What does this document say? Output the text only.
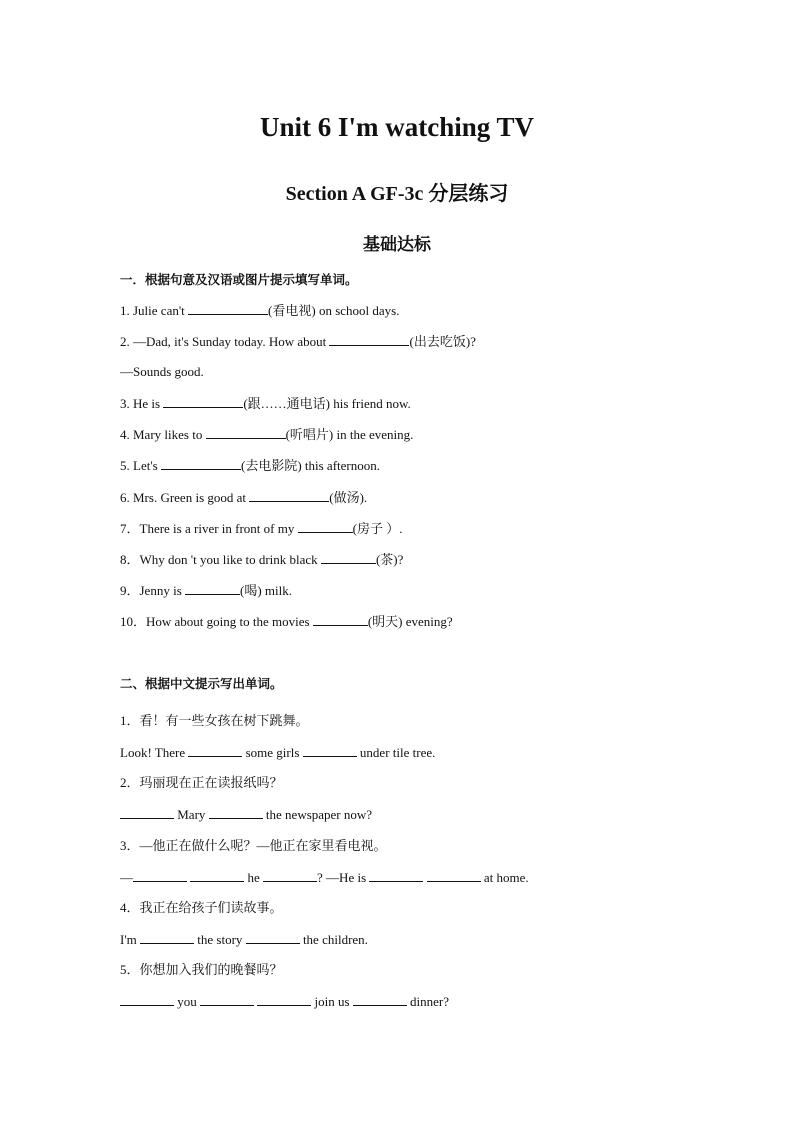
Unit 6 I'm watching TV
Section A GF-3c 分层练习
基础达标
一．根据句意及汉语或图片提示填写单词。
1. Julie can't	(看电视) on school days.
2. —Dad, it's Sunday today. How about	(出去吃饭)?
—Sounds good.
3. He is	(跟……通电话) his friend now.
4. Mary likes to	(听唱片) in the evening.
5. Let's	(去电影院) this afternoon.
6. Mrs. Green is good at	(做汤).
7．There is a river in front of my	(房子 ）.
8．Why don 't you like to drink black	(茶)?
9．Jenny is	(喝) milk.
10．How about going to the movies	(明天) evening?
二、根据中文提示写出单词。
1．看！有一些女孩在树下跳舞。
Look! There	some girls	under tile tree.
2．玛丽现在正在读报纸吗？
Mary	the newspaper now?
3．—他正在做什么呢？—他正在家里看电视。
—	he	? —He is	at home.
4．我正在给孩子们读故事。
I'm	the story	the children.
5．你想加入我们的晚餐吗？
you	join us	dinner?
